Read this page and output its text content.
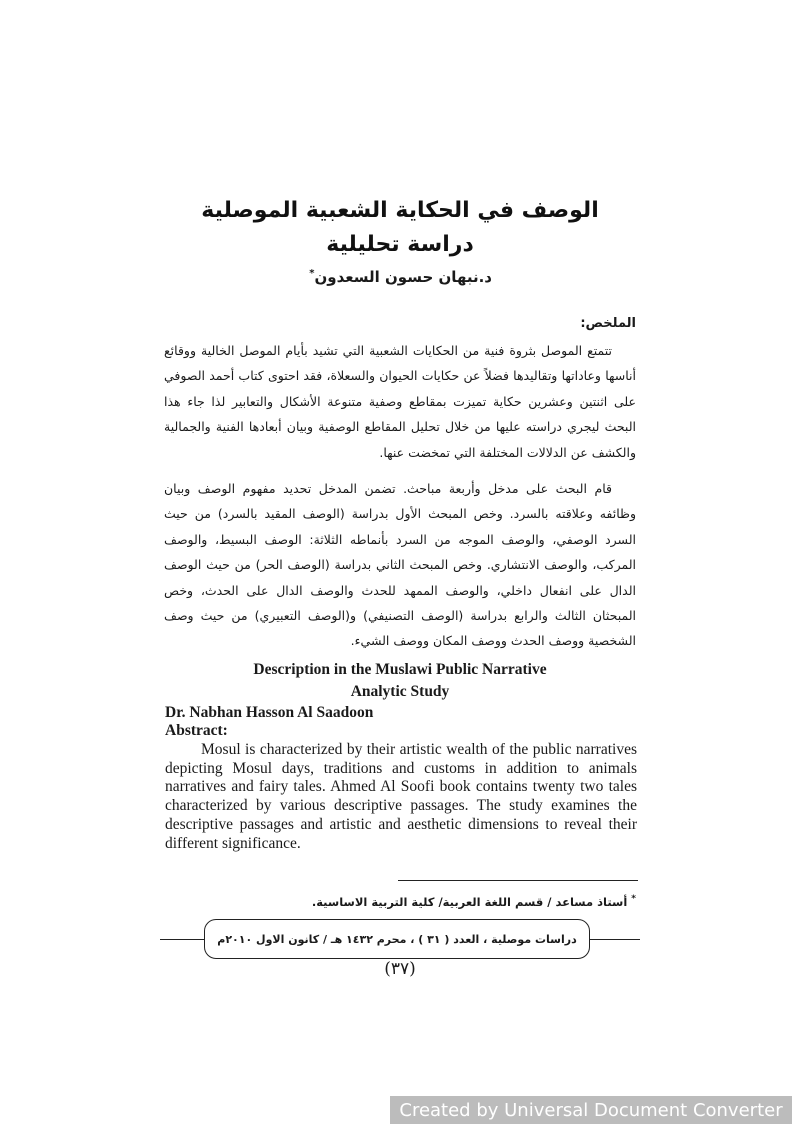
الوصف في الحكاية الشعبية الموصلية
دراسة تحليلية
د.نبهان حسون السعدون*
الملخص:
تتمتع الموصل بثروة فنية من الحكايات الشعبية التي تشيد بأيام الموصل الخالية ووقائع أناسها وعاداتها وتقاليدها فضلاً عن حكايات الحيوان والسعلاة، فقد احتوى كتاب أحمد الصوفي على اثنتين وعشرين حكاية تميزت بمقاطع وصفية متنوعة الأشكال والتعابير لذا جاء هذا البحث ليجري دراسته عليها من خلال تحليل المقاطع الوصفية وبيان أبعادها الفنية والجمالية والكشف عن الدلالات المختلفة التي تمخضت عنها.
قام البحث على مدخل وأربعة مباحث. تضمن المدخل تحديد مفهوم الوصف وبيان وظائفه وعلاقته بالسرد. وخص المبحث الأول بدراسة (الوصف المقيد بالسرد) من حيث السرد الوصفي، والوصف الموجه من السرد بأنماطه الثلاثة: الوصف البسيط، والوصف المركب، والوصف الانتشاري. وخص المبحث الثاني بدراسة (الوصف الحر) من حيث الوصف الدال على انفعال داخلي، والوصف الممهد للحدث والوصف الدال على الحدث، وخص المبحثان الثالث والرابع بدراسة (الوصف التصنيفي) و(الوصف التعبيري) من حيث وصف الشخصية ووصف الحدث ووصف المكان ووصف الشيء.
Description in the Muslawi Public Narrative
Analytic Study
Dr. Nabhan Hasson Al Saadoon
Abstract:
Mosul is characterized by their artistic wealth of the public narratives depicting Mosul days, traditions and customs in addition to animals narratives and fairy tales. Ahmed Al Soofi book contains twenty two tales characterized by various descriptive passages. The study examines the descriptive passages and artistic and aesthetic dimensions to reveal their different significance.
* أستاذ مساعد / قسم اللغة العربية/ كلية التربية الاساسية.
دراسات موصلية ، العدد ( ٣١ ) ، محرم ١٤٣٢ هـ / كانون الاول ٢٠١٠م
(٣٧)
Created by Universal Document Converter
